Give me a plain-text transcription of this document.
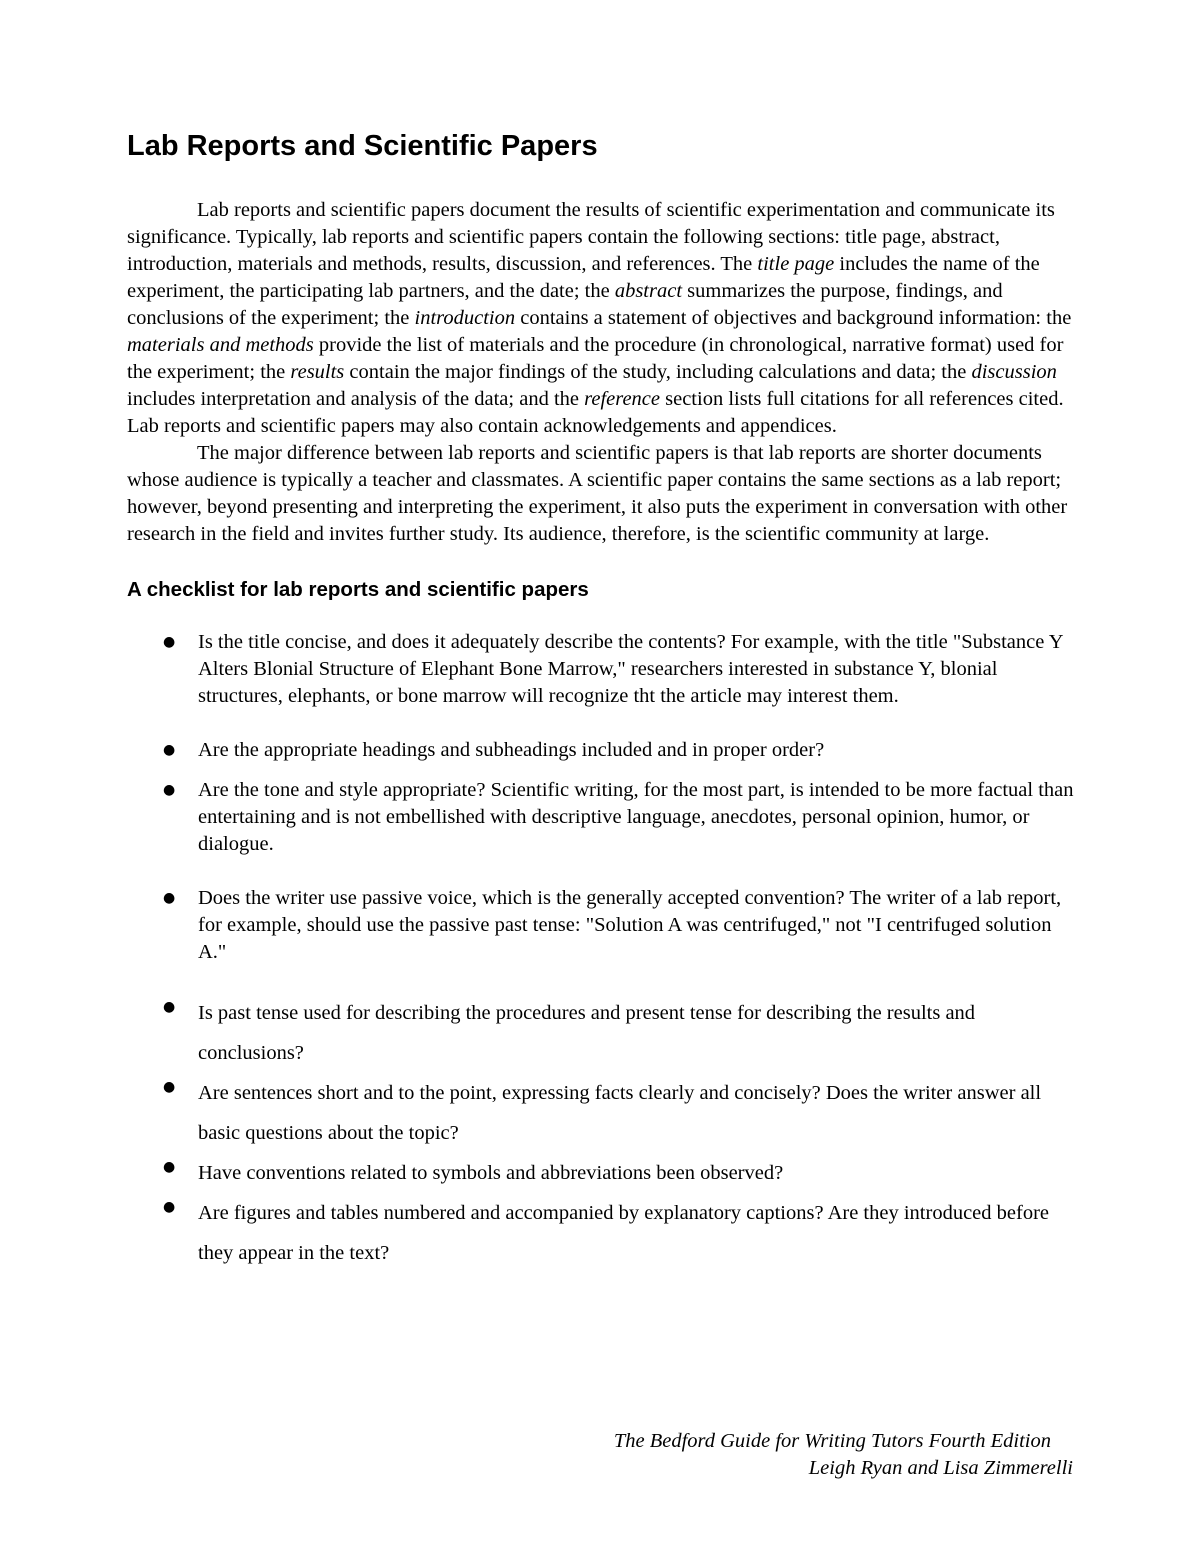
Lab Reports and Scientific Papers

Lab reports and scientific papers document the results of scientific experimentation and communicate its significance. Typically, lab reports and scientific papers contain the following sections: title page, abstract, introduction, materials and methods, results, discussion, and references. The title page includes the name of the experiment, the participating lab partners, and the date; the abstract summarizes the purpose, findings, and conclusions of the experiment; the introduction contains a statement of objectives and background information: the materials and methods provide the list of materials and the procedure (in chronological, narrative format) used for the experiment; the results contain the major findings of the study, including calculations and data; the discussion includes interpretation and analysis of the data; and the reference section lists full citations for all references cited. Lab reports and scientific papers may also contain acknowledgements and appendices.

The major difference between lab reports and scientific papers is that lab reports are shorter documents whose audience is typically a teacher and classmates. A scientific paper contains the same sections as a lab report; however, beyond presenting and interpreting the experiment, it also puts the experiment in conversation with other research in the field and invites further study. Its audience, therefore, is the scientific community at large.

A checklist for lab reports and scientific papers
● Is the title concise, and does it adequately describe the contents? For example, with the title "Substance Y Alters Blonial Structure of Elephant Bone Marrow," researchers interested in substance Y, blonial structures, elephants, or bone marrow will recognize tht the article may interest them.
● Are the appropriate headings and subheadings included and in proper order?
● Are the tone and style appropriate? Scientific writing, for the most part, is intended to be more factual than entertaining and is not embellished with descriptive language, anecdotes, personal opinion, humor, or dialogue.
● Does the writer use passive voice, which is the generally accepted convention? The writer of a lab report, for example, should use the passive past tense: "Solution A was centrifuged," not "I centrifuged solution A."
● Is past tense used for describing the procedures and present tense for describing the results and conclusions?
● Are sentences short and to the point, expressing facts clearly and concisely? Does the writer answer all basic questions about the topic?
● Have conventions related to symbols and abbreviations been observed?
● Are figures and tables numbered and accompanied by explanatory captions? Are they introduced before they appear in the text?
The Bedford Guide for Writing Tutors Fourth Edition
Leigh Ryan and Lisa Zimmerelli
